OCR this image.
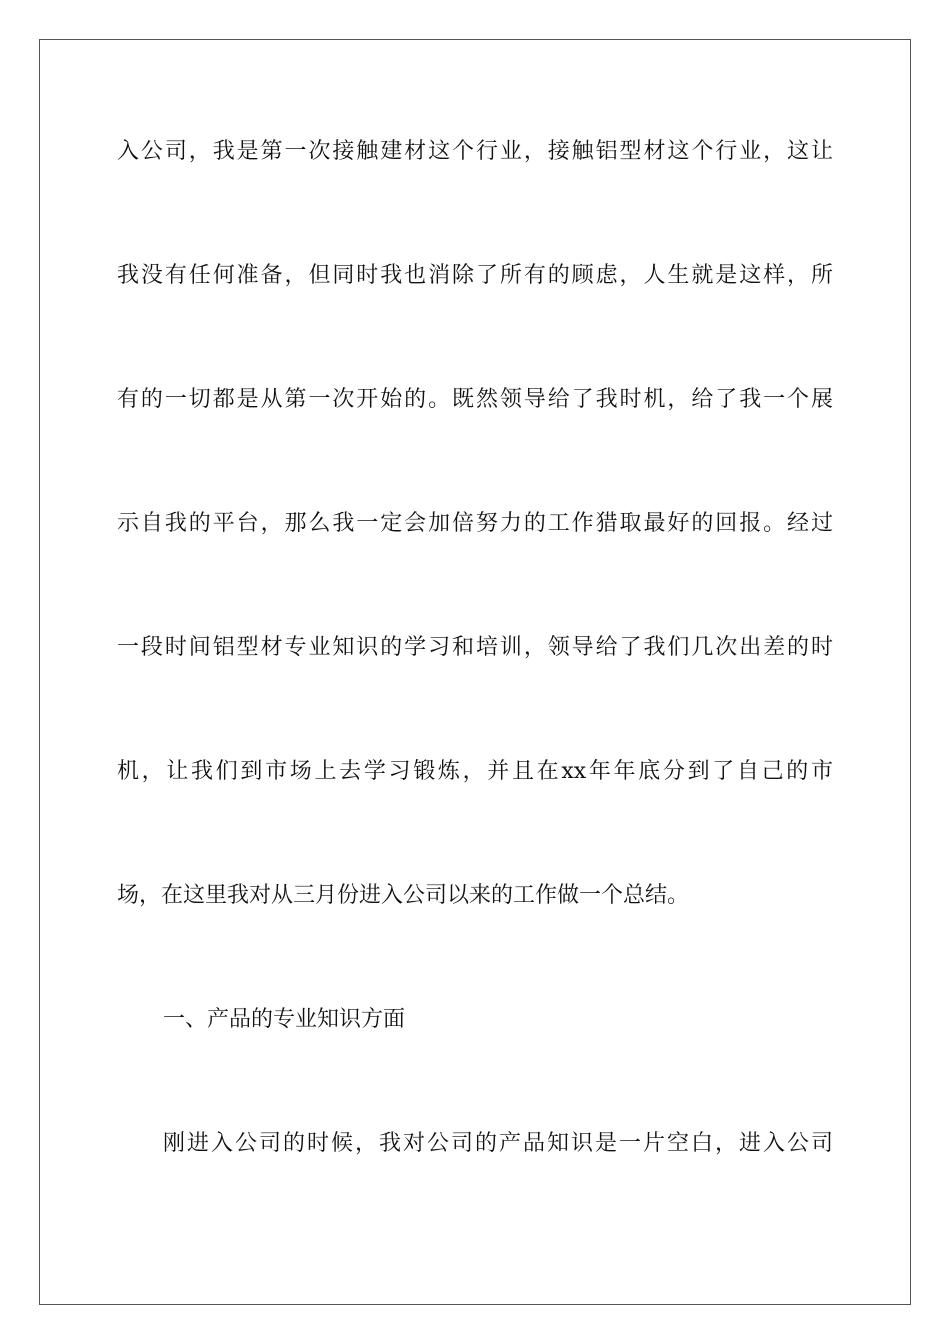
入公司，我是第一次接触建材这个行业，接触铝型材这个行业，这让
我没有任何准备，但同时我也消除了所有的顾虑，人生就是这样，所
有的一切都是从第一次开始的。既然领导给了我时机，给了我一个展
示自我的平台，那么我一定会加倍努力的工作猎取最好的回报。经过
一段时间铝型材专业知识的学习和培训，领导给了我们几次出差的时
机，让我们到市场上去学习锻炼，并且在xx年年底分到了自己的市
场，在这里我对从三月份进入公司以来的工作做一个总结。
一、产品的专业知识方面
刚进入公司的时候，我对公司的产品知识是一片空白，进入公司
